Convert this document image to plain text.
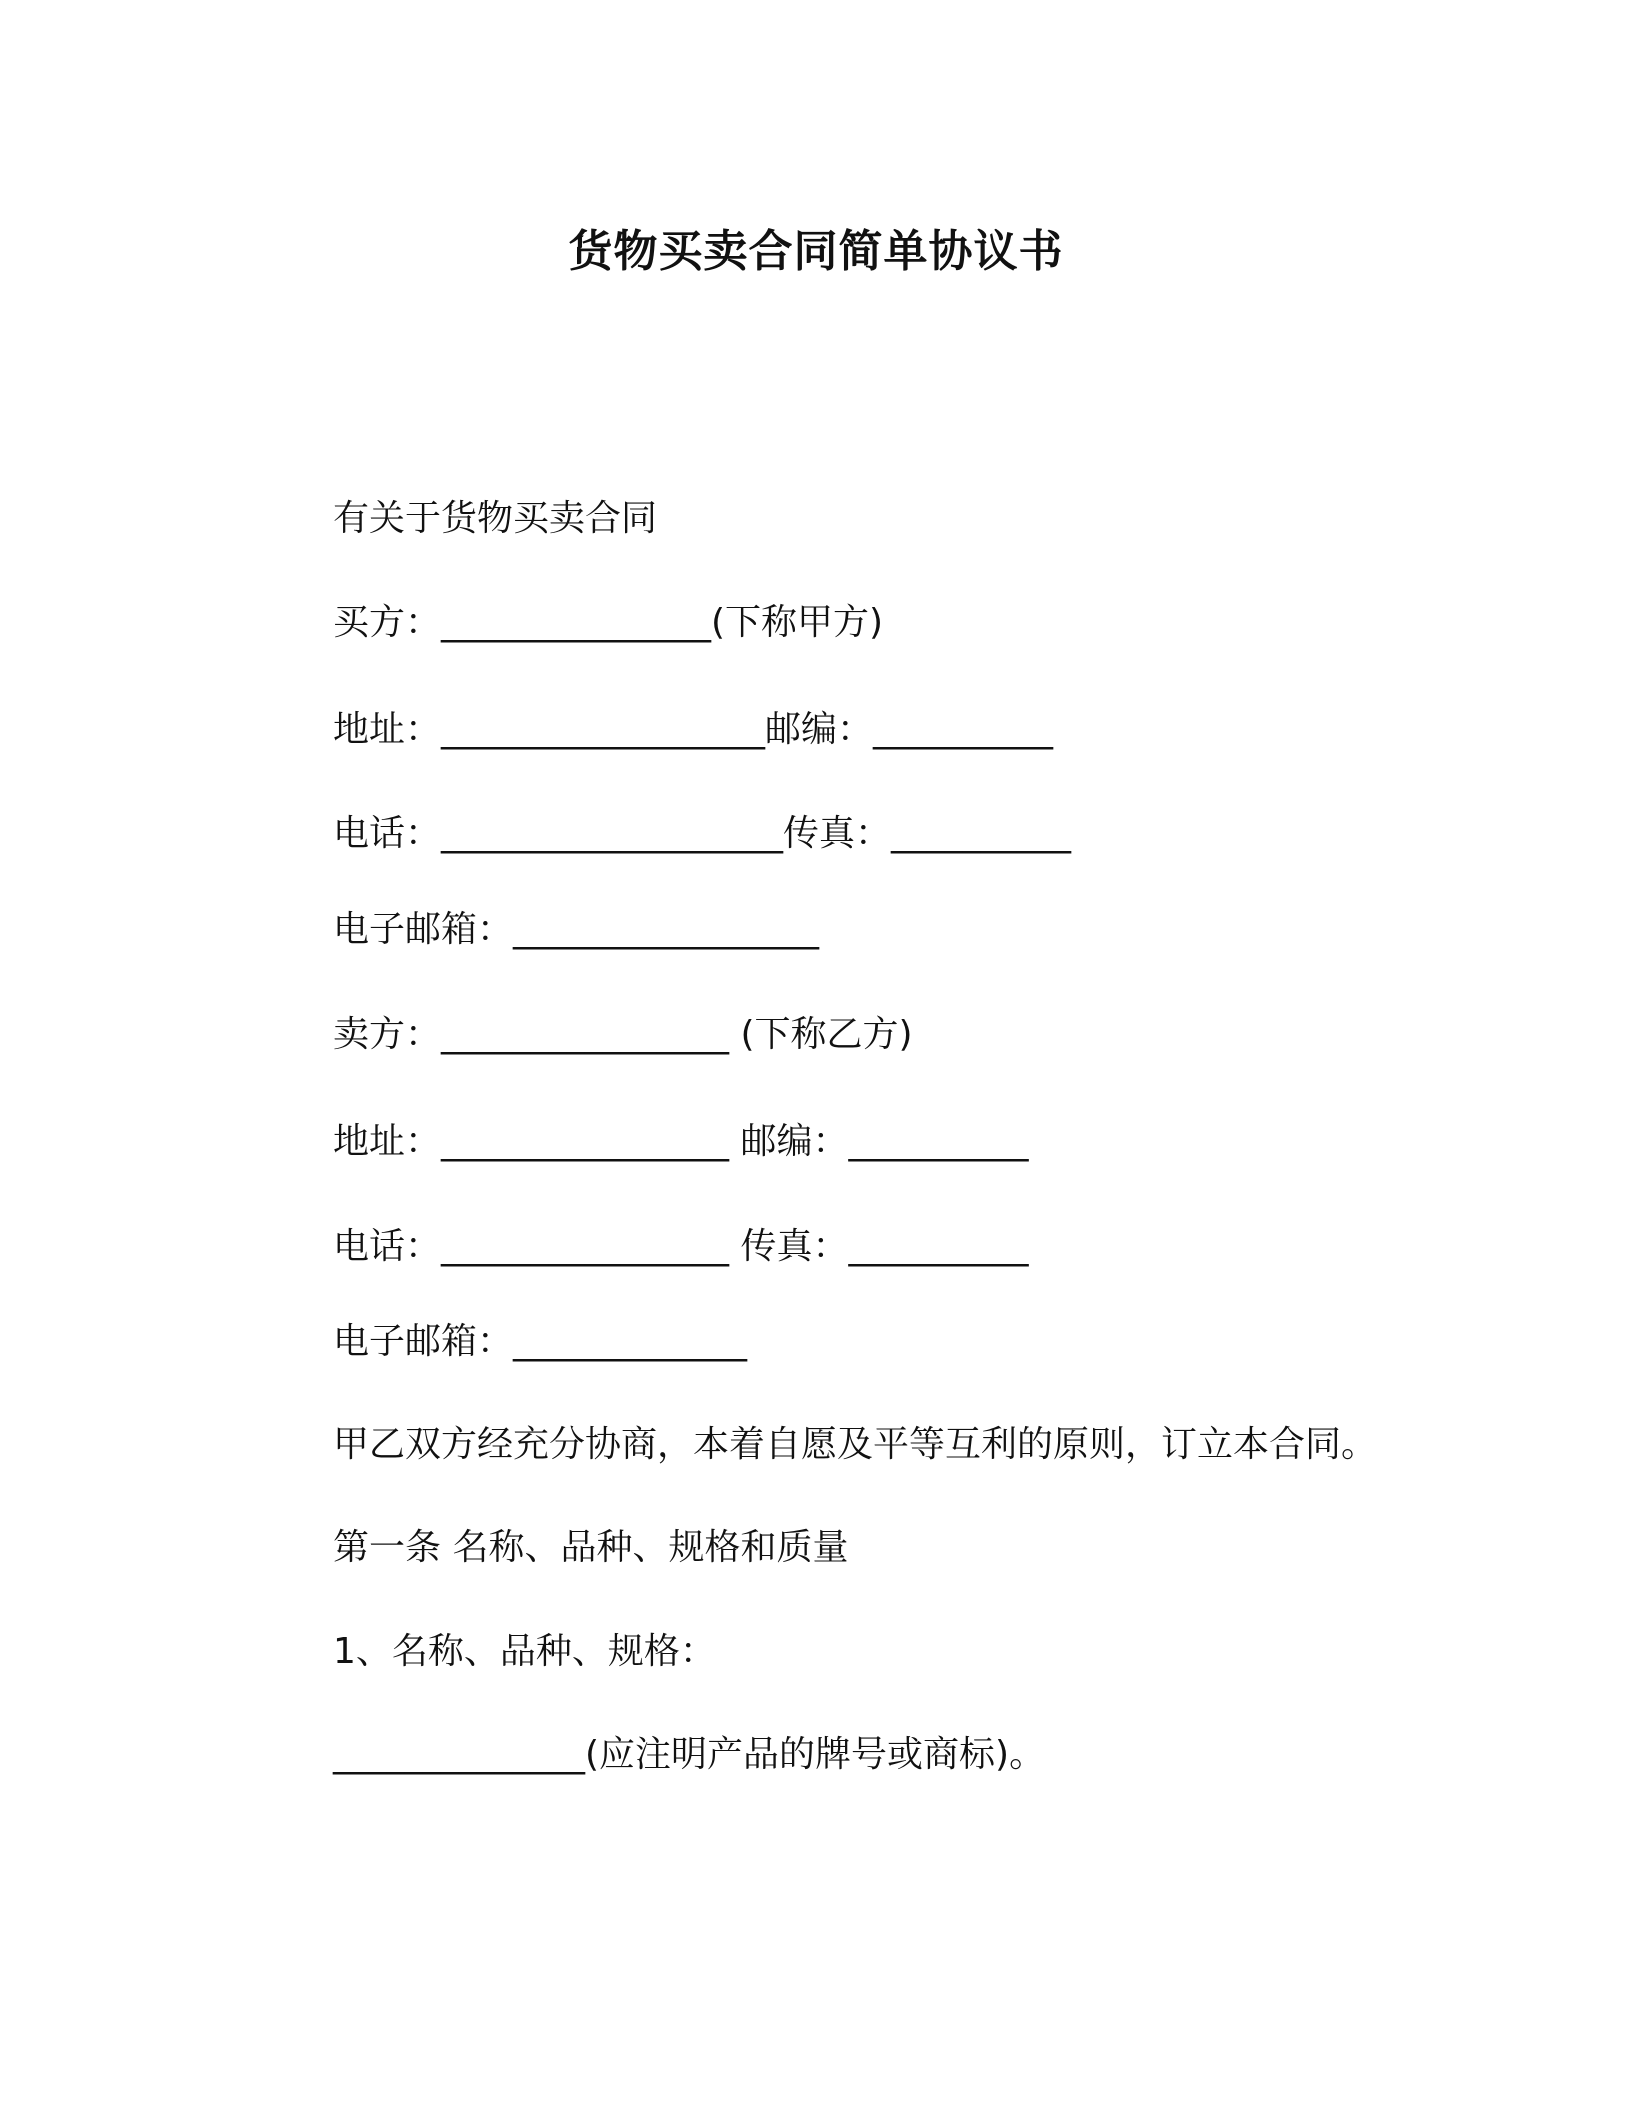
货物买卖合同简单协议书
有关于货物买卖合同
买方：_______________(下称甲方)
地址：__________________邮编：__________
电话：___________________传真：__________
电子邮箱：_________________
卖方：________________ (下称乙方)
地址：________________ 邮编：__________
电话：________________ 传真：__________
电子邮箱：_____________
甲乙双方经充分协商，本着自愿及平等互利的原则，订立本合同。
第一条 名称、品种、规格和质量
1、名称、品种、规格：
______________(应注明产品的牌号或商标)。
